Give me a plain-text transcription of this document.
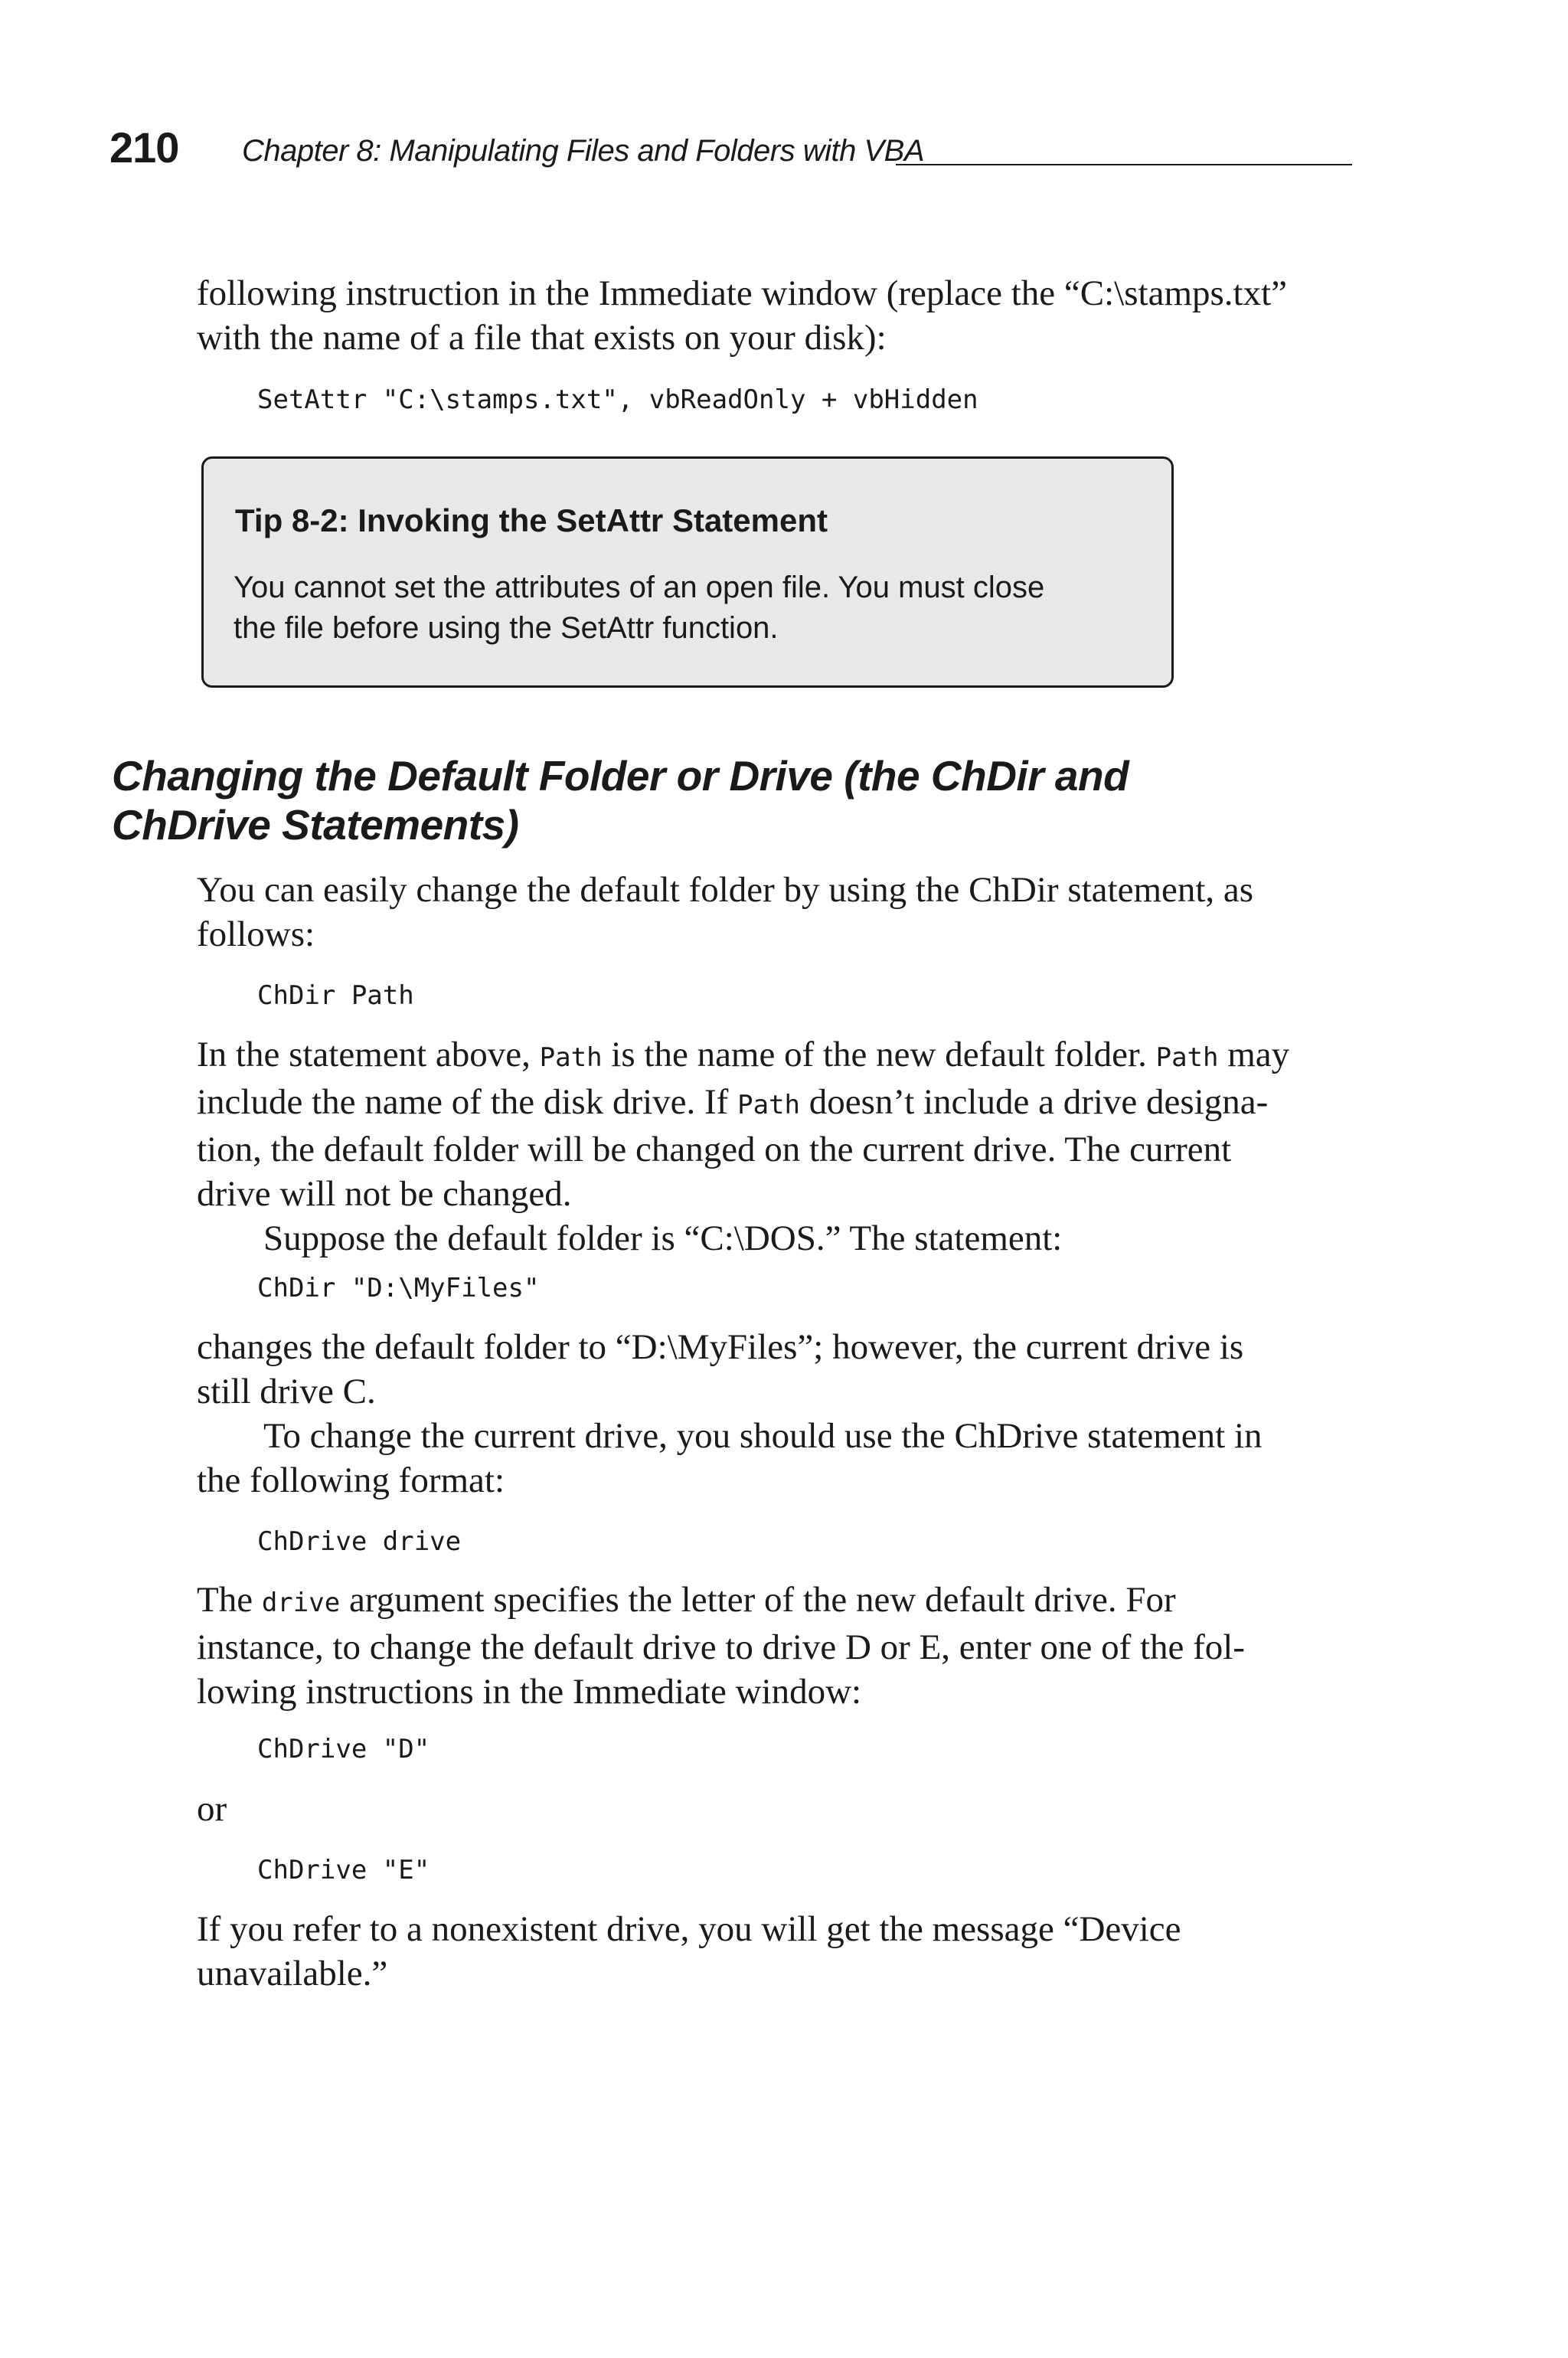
210 Chapter 8: Manipulating Files and Folders with VBA

following instruction in the Immediate window (replace the “C:\stamps.txt”
with the name of a file that exists on your disk):

SetAttr "C:\stamps.txt", vbReadOnly + vbHidden
Tip 8-2: Invoking the SetAttr Statement

You cannot set the attributes of an open file. You must close
the file before using the SetAttr function.

Changing the Default Folder or Drive (the ChDir and
ChDrive Statements)

You can easily change the default folder by using the ChDir statement, as
follows:

ChDir Path

In the statement above, Path is the name of the new default folder. Path may
include the name of the disk drive. If Path doesn’t include a drive designa-
tion, the default folder will be changed on the current drive. The current
drive will not be changed.
Suppose the default folder is “C:\DOS.” The statement:

ChDir "D:\MyFiles"

changes the default folder to “D:\MyFiles”; however, the current drive is
still drive C.
To change the current drive, you should use the ChDrive statement in
the following format:

ChDrive drive

The drive argument specifies the letter of the new default drive. For
instance, to change the default drive to drive D or E, enter one of the fol-
lowing instructions in the Immediate window:

ChDrive "D"

or

ChDrive "E"

If you refer to a nonexistent drive, you will get the message “Device
unavailable.”
